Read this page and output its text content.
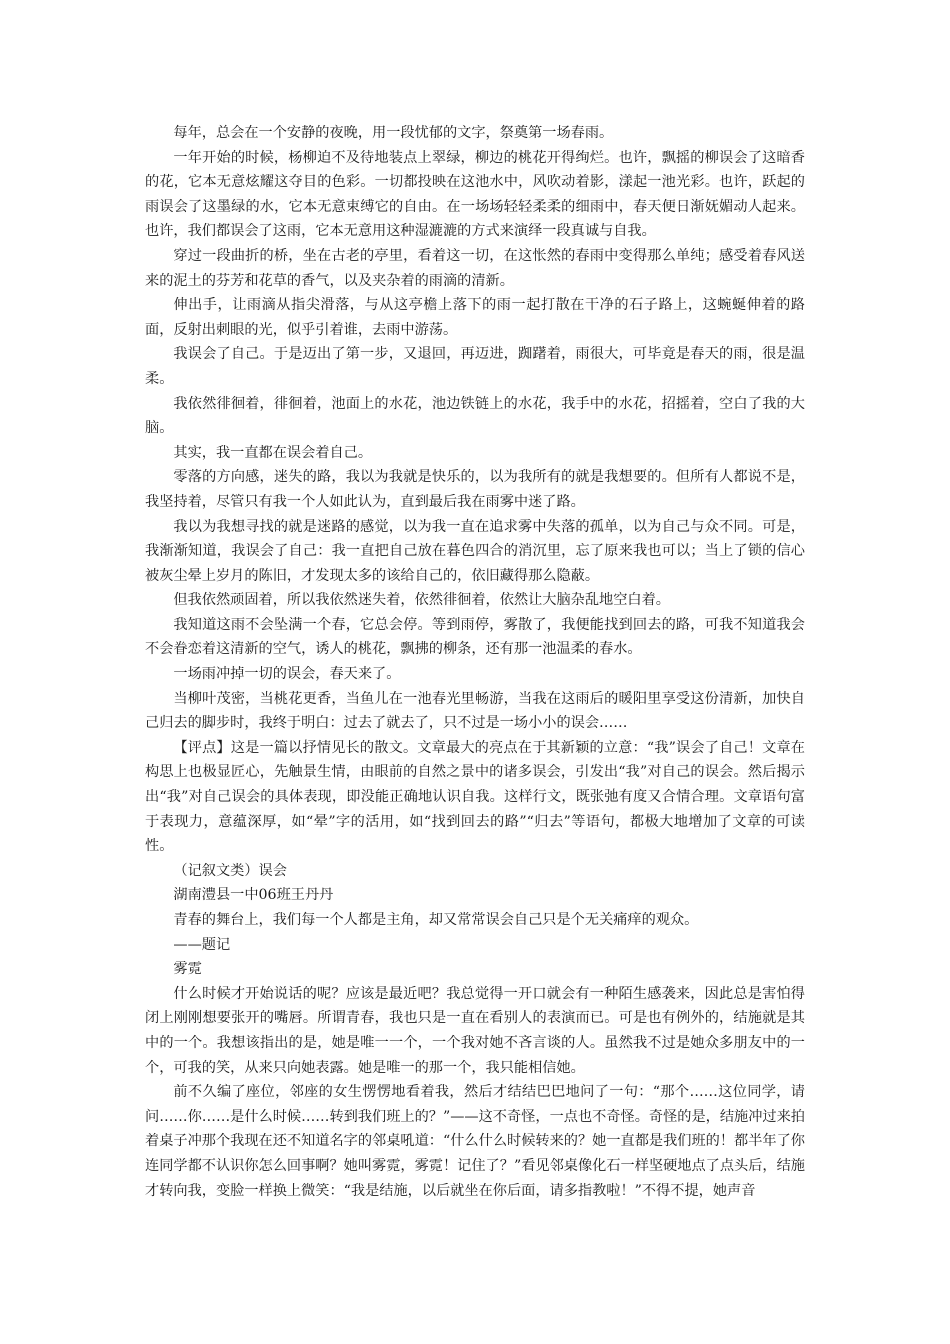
每年，总会在一个安静的夜晚，用一段忧郁的文字，祭奠第一场春雨。

一年开始的时候，杨柳迫不及待地装点上翠绿，柳边的桃花开得绚烂。也许，飘摇的柳误会了这暗香的花，它本无意炫耀这夺目的色彩。一切都投映在这池水中，风吹动着影，漾起一池光彩。也许，跃起的雨误会了这墨绿的水，它本无意束缚它的自由。在一场场轻轻柔柔的细雨中，春天便日渐妩媚动人起来。也许，我们都误会了这雨，它本无意用这种湿漉漉的方式来演绎一段真诚与自我。

穿过一段曲折的桥，坐在古老的亭里，看着这一切，在这怅然的春雨中变得那么单纯；感受着春风送来的泥土的芬芳和花草的香气，以及夹杂着的雨滴的清新。

伸出手，让雨滴从指尖滑落，与从这亭檐上落下的雨一起打散在干净的石子路上，这蜿蜒伸着的路面，反射出刺眼的光，似乎引着谁，去雨中游荡。

我误会了自己。于是迈出了第一步，又退回，再迈进，踟躇着，雨很大，可毕竟是春天的雨，很是温柔。

我依然徘徊着，徘徊着，池面上的水花，池边铁链上的水花，我手中的水花，招摇着，空白了我的大脑。

其实，我一直都在误会着自己。

零落的方向感，迷失的路，我以为我就是快乐的，以为我所有的就是我想要的。但所有人都说不是，我坚持着，尽管只有我一个人如此认为，直到最后我在雨雾中迷了路。

我以为我想寻找的就是迷路的感觉，以为我一直在追求雾中失落的孤单，以为自己与众不同。可是，我渐渐知道，我误会了自己：我一直把自己放在暮色四合的消沉里，忘了原来我也可以；当上了锁的信心被灰尘晕上岁月的陈旧，才发现太多的该给自己的，依旧藏得那么隐蔽。

但我依然顽固着，所以我依然迷失着，依然徘徊着，依然让大脑杂乱地空白着。

我知道这雨不会坠满一个春，它总会停。等到雨停，雾散了，我便能找到回去的路，可我不知道我会不会眷恋着这清新的空气，诱人的桃花，飘拂的柳条，还有那一池温柔的春水。

一场雨冲掉一切的误会，春天来了。

当柳叶茂密，当桃花更香，当鱼儿在一池春光里畅游，当我在这雨后的暖阳里享受这份清新，加快自己归去的脚步时，我终于明白：过去了就去了，只不过是一场小小的误会……

【评点】这是一篇以抒情见长的散文。文章最大的亮点在于其新颖的立意：“我”误会了自己！文章在构思上也极显匠心，先触景生情，由眼前的自然之景中的诸多误会，引发出“我”对自己的误会。然后揭示出“我”对自己误会的具体表现，即没能正确地认识自我。这样行文，既张弛有度又合情合理。文章语句富于表现力，意蕴深厚，如“晕”字的活用，如“找到回去的路”“归去”等语句，都极大地增加了文章的可读性。

（记叙文类）误会

湖南澧县一中06班王丹丹

青春的舞台上，我们每一个人都是主角，却又常常误会自己只是个无关痛痒的观众。

——题记

雾霓

什么时候才开始说话的呢？应该是最近吧？我总觉得一开口就会有一种陌生感袭来，因此总是害怕得闭上刚刚想要张开的嘴唇。所谓青春，我也只是一直在看别人的表演而已。可是也有例外的，结施就是其中的一个。我想该指出的是，她是唯一一个，一个我对她不吝言谈的人。虽然我不过是她众多朋友中的一个，可我的笑，从来只向她表露。她是唯一的那一个，我只能相信她。

前不久编了座位，邻座的女生愣愣地看着我，然后才结结巴巴地问了一句：“那个……这位同学，请问……你……是什么时候……转到我们班上的？”——这不奇怪，一点也不奇怪。奇怪的是，结施冲过来拍着桌子冲那个我现在还不知道名字的邻桌吼道：“什么什么时候转来的？她一直都是我们班的！都半年了你连同学都不认识你怎么回事啊？她叫雾霓，雾霓！记住了？”看见邻桌像化石一样坚硬地点了点头后，结施才转向我，变脸一样换上微笑：“我是结施，以后就坐在你后面，请多指教啦！”不得不提，她声音
